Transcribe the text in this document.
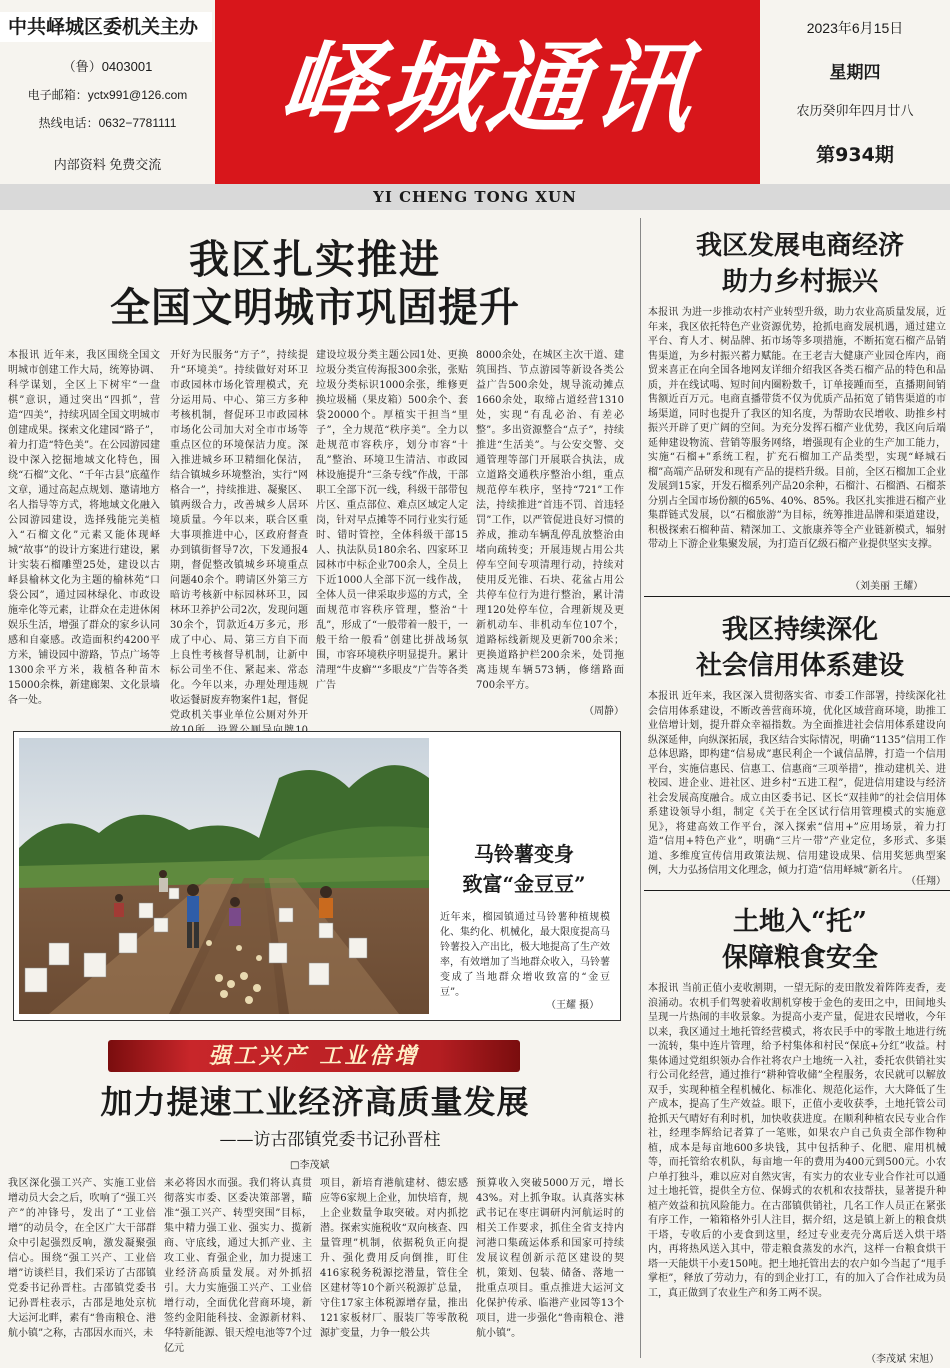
中共峄城区委机关主办
（鲁）0403001
电子邮箱：yctx991@126.com
热线电话：0632−7781111
内部资料 免费交流
峄城通讯
2023年6月15日
星期四
农历癸卯年四月廿八
第934期
YI CHENG TONG XUN
我区扎实推进
全国文明城市巩固提升
本报讯 近年来，我区围绕全国文明城市创建工作大局，统筹协调、科学谋划，全区上下树牢“一盘棋”意识，通过突出“四抓”，营造“四美”，持续巩固全国文明城市创建成果。探索文化建园“路子”，着力打造“特色美”。在公园游园建设中深入挖掘地域文化特色，围绕“石榴”文化、“千年古县”底蕴作文章，通过高起点规划、邀请地方名人指导等方式，将地域文化融入公园游园建设，选择残能完美植入“石榴文化”元素又能体现峄城“故事”的设计方案进行建设，累计实装石榴雕塑25处，建设以古峄县榆林文化为主题的榆林苑“口袋公园”，通过园林绿化、市政设施牵化等元素，让群众在走进休闲娱乐生活，增强了群众的家乡认同感和自豪感。改造面积约4200平方米，铺设园中游路，节点广场等1300余平方米，栽植各种苗木15000余株，新建廊架、文化景墙各一处。
开好为民服务“方子”，持续提升“环境美”。持续做好对环卫市政园林市场化管理模式，充分运用局、中心、第三方多种考核机制，督促环卫市政园林市场化公司加大对全市市场等重点区位的环境保洁力度。深入推进城乡环卫精细化保洁，结合镇城乡环境整治，实行“网格合一”，持续推进、凝聚区、镇两级合力，改善城乡人居环境质量。今年以来，联合区重大事项推进中心，区政府督查办到镇街督导7次，下发通报4期，督促整改镇城乡环境重点问题40余个。聘请区外第三方暗访考核新中标园林环卫，园林环卫养护公司2次，发现问题30余个，罚款近4万多元，形成了中心、局、第三方自下而上良性考核督导机制，让新中标公司坐不住、紧起来、常态化。今年以来，办理处理违规收运餐厨废弃物案件1起，督促党政机关事业单位公厕对外开
建设垃圾分类主题公园1处、更换垃圾分类宣传海报300余张，张贴垃圾分类标识1000余张，维修更换垃圾桶（果皮箱）500余个、套袋20000个。厚植实干担当“里子”，全力规范“秩序美”。全力以赴规范市容秩序，划分市容“十乱”整治、环境卫生清洁、市政园林设施提升“三条专线”作战，干部职工全部下沉一线，科级干部带包片区、重点部位、难点区域定人定岗，针对早点摊等不同行业实行延时、错时管控，全体科级干部15人、执法队员180余名、四家环卫园林市中标企业700余人，全员上下近1000人全部下沉一线作战，全体人员一律采取步巡的方式，全面规范市容秩序管理，整治“十乱”，形成了“一般带着一般干，一般干给一般看”创建比拼战场氛围，市容环境秩序明显提升。累计清理“牛皮癣”“多眼皮”广告等各类广告
8000余处，在城区主次干道、建筑围挡、节点游园等新设各类公益广告500余处，规导流动摊点1660余处，取缔占道经营1310处，实现“有乱必治、有差必整”。多出资源整合“点子”，持续推进“生活美”。与公安交警、交通管理等部门开展联合执法，成立道路交通秩序整治小组，重点规范停车秩序，坚持“721”工作法，持续推进“首违不罚、首违轻罚”工作，以严管促进良好习惯的养成，推动车辆乱停乱放整治由堵向疏转变；开展违规占用公共停车空间专项清理行动，持续对使用反光锥、石块、花盆占用公共停车位行为进行整治，累计清理120处停车位，合理新规及更新机动车、非机动车位107个，道路标线新规及更新700余米；更换道路护栏200余米，处罚拖离违规车辆573辆，修缮路面700余平方。
（周静）
马铃薯变身
致富“金豆豆”
近年来，榴园镇通过马铃薯种植规模化、集约化、机械化，最大限度提高马铃薯投入产出比，极大地提高了生产效率，有效增加了当地群众收入，马铃薯变成了当地群众增收致富的“金豆豆”。
（王耀 摄）
强工兴产 工业倍增
加力提速工业经济高质量发展
——访古邵镇党委书记孙晋柱
□李茂斌
我区深化强工兴产、实施工业倍增动员大会之后，吹响了“强工兴产”的冲锋号，发出了“工业倍增”的动员令，在全区广大干部群众中引起强烈反响，激发凝聚强信心。围绕“强工兴产、工业倍增”访谈栏目，我们采访了古邵镇党委书记孙晋柱。古邵镇党委书记孙晋柱表示，古邵是地处京杭大运河北畔，素有“鲁南粮仓、港航小镇”之称，古邵因水而兴，未
来必将因水而强。我们将认真贯彻落实市委、区委决策部署，瞄准“强工兴产、转型突围”目标，集中精力强工业、强实力、揽新商、守底线，通过大抓产业、主攻工业、育强企业，加力提速工业经济高质量发展。对外抓招引。大力实施强工兴产、工业倍增行动，全面优化营商环境，新签约金阳能科技、金源新材料、华特新能源、银天煌电池等7个过亿元
项目，新培育港航建材、德宏感应等6家规上企业，加快培育，规上企业数量争取突破。对内抓挖潜。探索实施税收“双向核查、四量管理”机制，依据税负正向提升、强化费用反向倒推，盯住416家税务税源挖潜量，管住全区建材等10个新兴税源扩总量，守住17家主体税源增存量，推出121家板材厂、服装厂等零散税源扩变量，力争一般公共
预算收入突破5000万元，增长43%。对上抓争取。认真落实林武书记在枣庄调研内河航运时的相关工作要求，抓住全省支持内河港口集疏运体系和国家可持续发展议程创新示范区建设的契机，策划、包装、储备、落地一批重点项目。重点推进大运河文化保护传承、临港产业园等13个项目，进一步强化“鲁南粮仓、港航小镇”。
我区发展电商经济
助力乡村振兴
本报讯 为进一步推动农村产业转型升级，助力农业高质量发展，近年来，我区依托特色产业资源优势，抢抓电商发展机遇，通过建立平台、育人才、树品牌、拓市场等多项措施，不断拓宽石榴产品销售渠道，为乡村振兴蓄力赋能。在王老吉大健康产业园仓库内，商贸来喜正在向全国各地网友详细介绍我区各类石榴产品的特色和品质，并在线试喝、短时间内圈粉数千，订单接踵而至，直播期间销售额近百万元。电商直播带货不仅为优质产品拓宽了销售渠道的市场渠道，同时也提升了我区的知名度，为帮助农民增收、助推乡村振兴开辟了更广阔的空间。为充分发挥石榴产业优势，我区向后端延伸建设物流、营销等服务网络，增强现有企业的生产加工能力，实施“石榴+”系统工程，扩充石榴加工产品类型，实现“峄城石榴”高端产品研发和现有产品的提档升级。目前，全区石榴加工企业发展到15家，开发石榴系列产品20余种，石榴汁、石榴酒、石榴茶分别占全国市场份额的65%、40%、85%。我区扎实推进石榴产业集群链式发展，以“石榴旅游”为目标，统筹推进品牌和渠道建设，积极探索石榴种苗、精深加工、文旅康养等全产业链新模式，辐射带动上下游企业集聚发展，为打造百亿级石榴产业提供坚实支撑。
（刘美丽 王耀）
我区持续深化
社会信用体系建设
本报讯 近年来，我区深入贯彻落实省、市委工作部署，持续深化社会信用体系建设，不断改善营商环境，优化区域营商环境，助推工业倍增计划，提升群众幸福指数。为全面推进社会信用体系建设向纵深延伸，向纵深拓展，我区结合实际情况，明确“1135”信用工作总体思路，即构建“信易成”惠民利企一个诚信品牌，打造一个信用平台，实施信惠民、信惠工、信惠商“三项举措”，推动建机关、进校园、进企业、进社区、进乡村“五进工程”，促进信用建设与经济社会发展高度融合。成立由区委书记、区长“双挂帅”的社会信用体系建设领导小组，制定《关于在全区试行信用管理模式的实施意见》，将建高效工作平台，深入探索“信用+”应用场景，着力打造“信用+特色产业”，明确“三片一带”产业定位，多形式、多渠道、多维度宣传信用政策法规、信用建设成果、信用奖惩典型案例，大力弘扬信用文化理念，倾力打造“信用峄城”新名片。
（任翔）
土地入“托”
保障粮食安全
本报讯 当前正值小麦收割期，一望无际的麦田散发着阵阵麦香，麦浪涌动。农机手们驾驶着收割机穿梭于金色的麦田之中，田间地头呈现一片热闹的丰收景象。为提高小麦产量，促进农民增收，今年以来，我区通过土地托管经营模式，将农民手中的零散土地进行统一流转，集中连片管理，给予村集体和村民“保底+分红”收益。村集体通过党组织领办合作社将农户土地统一入社，委托农供销社实行公司化经营，通过推行“耕种管收储”全程服务，农民就可以解放双手，实现种植全程机械化、标准化、规范化运作，大大降低了生产成本，提高了生产效益。眼下，正值小麦收获季，土地托管公司抢抓天气晴好有利时机，加快收获进度。在顺利种植农民专业合作社，经理李辉给记者算了一笔账，如果农户自己负责全部作物种植，成本是每亩地600多块钱，其中包括种子、化肥、雇用机械等，而托管给农机队，每亩地一年的费用为400元到500元。小农户单打独斗，难以应对自然灾害，有实力的农业专业合作社可以通过土地托管，提供全方位、保姆式的农机和农技帮扶，显著提升种植产效益和抗风险能力。在古邵镇供销社，几名工作人员正在紧张有序工作，一箱箱格外引人注目，据介绍，这是镇上新上的粮食烘干塔，专收后的小麦食到这里，经过专业麦壳分离后送入烘干塔内，再将热风送入其中，带走粮食蒸发的水汽，这样一台粮食烘干塔一天能烘干小麦150吨。把土地托管出去的农户如今当起了“甩手掌柜”，释放了劳动力，有的到企业打工，有的加入了合作社成为员工，真正做到了农业生产和务工两不误。
（李茂斌 宋旭）
